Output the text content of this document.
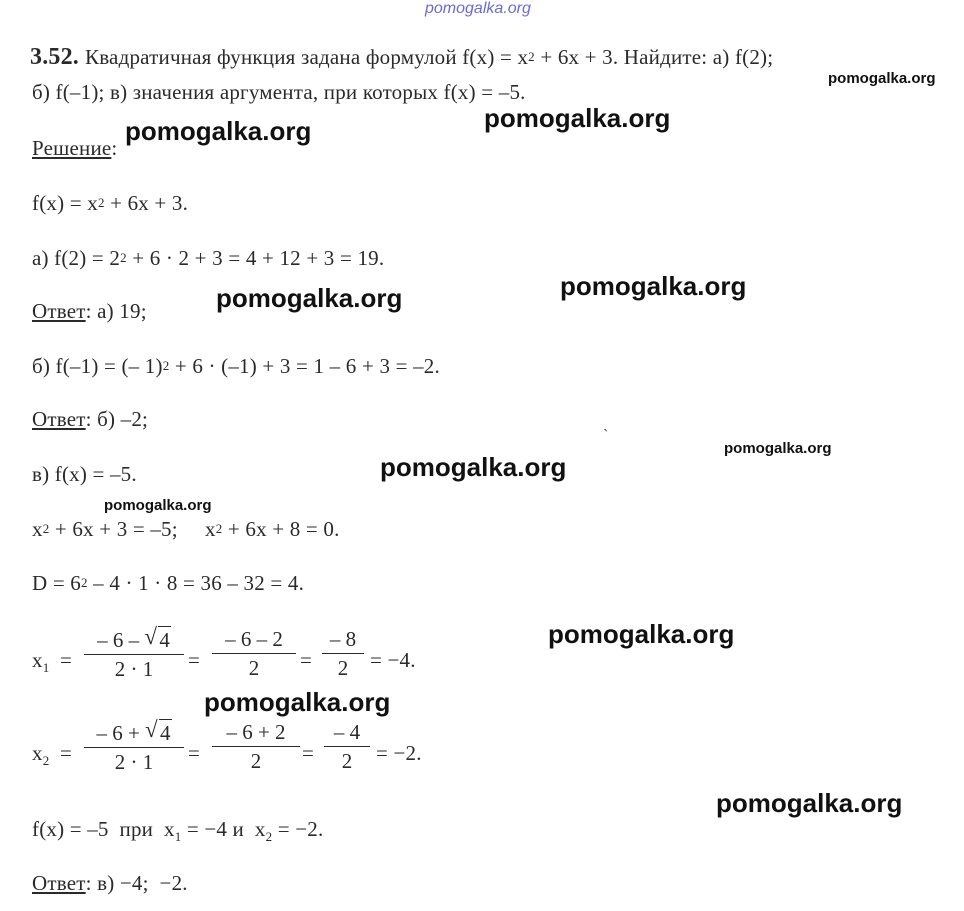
pomogalka.org
3.52. Квадратичная функция задана формулой $f(x) = x^2 + 6x + 3$. Найдите: а) f(2);
б) f(–1); в) значения аргумента, при которых f(x) = –5.
Решение:
$f(x) = x^2 + 6x + 3$.
а) $f(2) = 2^2 + 6 \cdot 2 + 3 = 4 + 12 + 3 = 19$.
Ответ: а) 19;
б) f(–1) = (– 1)$^2$ + 6 · (–1) + 3 = 1 – 6 + 3 = –2.
Ответ: б) –2;
в) f(x) = –5.
$x^2 + 6x + 3 = -5$;     $x^2 + 6x + 8 = 0$.
$D = 6^2 - 4 \cdot 1 \cdot 8 = 36 - 32 = 4$.
$x_1$ =
– 6 – √ 4
2 · 1	=
– 6 – 2
2	=
– 8
2	= −4.
$x_2$ =
– 6 + √ 4
2 · 1	=
– 6 + 2
2	=
– 4
2	= −2.
f(x) = –5  при  $x_1 = -4$ и  $x_2 = -2$.
Ответ: в) −4;  −2.
`
pomogalka.org
pomogalka.org	pomogalka.org
pomogalka.org	pomogalka.org
pomogalka.org
pomogalka.org
pomogalka.org
pomogalka.org
pomogalka.org
pomogalka.org
